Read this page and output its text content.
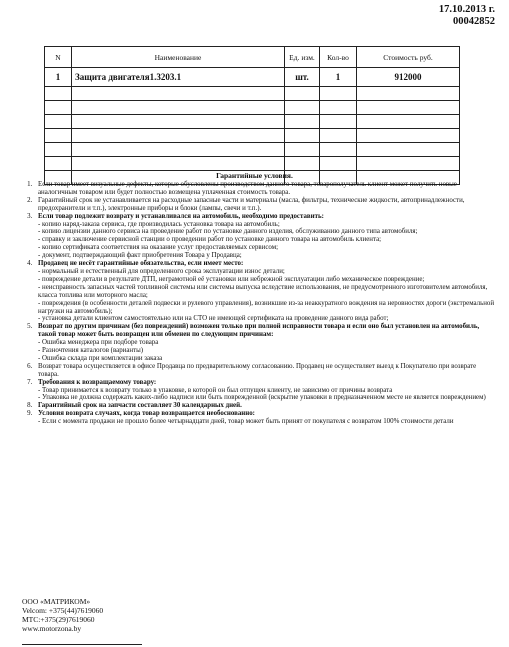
17.10.2013 г.
00042852
N	Наименование	Ед. изм.	Кол-во	Стоимость руб.
1	Защита двигателя1.3203.1	шт.	1	912000

Гарантийные условия.
1. Если товар имеет визуальные дефекты, которые обусловлены производством данного товара, товарополучатель клиент может получить новые аналогичным товаром или будет полностью возмещена уплаченная стоимость товара.
2. Гарантийный срок не устанавливается на расходные запасные части и материалы (масла, фильтры, технические жидкости, автопринадлежности, предохранители и т.п.), электронные приборы и блоки (лампы, свечи и т.п.).
3. Если товар подлежит возврату и устанавливался на автомобиль, необходимо предоставить:
- копию наряд-заказа сервиса, где производилась установка товара на автомобиль;
- копию лицензии данного сервиса на проведение работ по установке данного изделия, обслуживанию данного типа автомобиля;
- справку и заключение сервисной станции о проведении работ по установке данного товара на автомобиль клиента;
- копию сертификата соответствия на оказание услуг предоставляемых сервисом;
- документ, подтверждающий факт приобретения Товара у Продавца;
4. Продавец не несёт гарантийные обязательства, если имеет место:
- нормальный и естественный для определенного срока эксплуатации износ детали;
- повреждение детали в результате ДТП, неграмотной её установки или небрежной эксплуатации либо механическое повреждение;
- неисправность запасных частей топливной системы или системы выпуска вследствие использования, не предусмотренного изготовителем автомобиля, класса топлива или моторного масла;
- повреждения (в особенности деталей подвески и рулевого управления), возникшие из-за неаккуратного вождения на неровностях дороги (экстремальной нагрузки на автомобиль);
- установка детали клиентом самостоятельно или на СТО не имеющей сертификата на проведение данного вида работ;
5. Возврат по другим причинам (без повреждений) возможен только при полной исправности товара и если оно был установлен на автомобиль, такой товар может быть возвращен или обменен по следующим причинам:
- Ошибка менеджера при подборе товара
- Разночтения каталогов (варианты)
- Ошибка склада при комплектации заказа
6. Возврат товара осуществляется в офисе Продавца по предварительному согласованию. Продавец не осуществляет выезд к Покупателю при возврате товара.
7. Требования к возвращаемому товару:
- Товар принимается к возврату только в упаковке, в которой он был отпущен клиенту, не зависимо от причины возврата
- Упаковка не должна содержать каких-либо надписи или быть поврежденной (вскрытие упаковки в предназначенном месте не является повреждением)
8. Гарантийный срок на запчасти составляет 30 календарных дней.
9. Условия возврата случаях, когда товар возвращается необоснованно:
- Если с момента продажи не прошло более четырнадцати дней, товар может быть принят от покупателя с возвратом 100% стоимости детали
ООО «МАТРИКОМ»
Velcom: +375(44)7619060
МТС:+375(29)7619060
www.motorzona.by
